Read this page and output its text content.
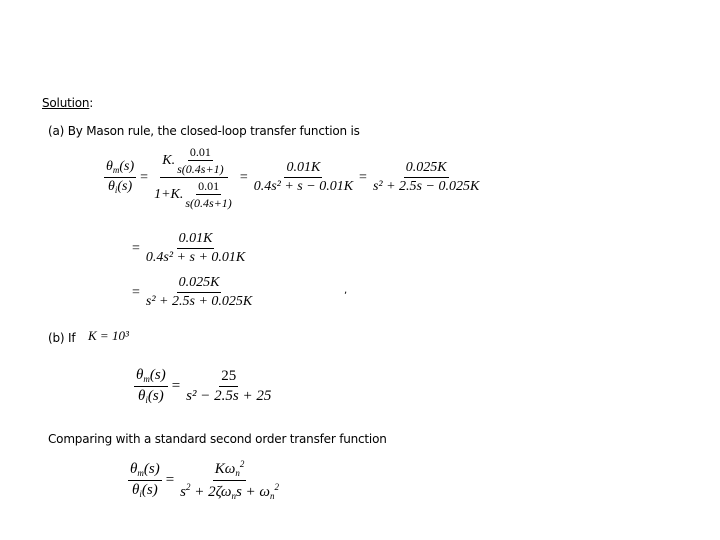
Solution:
(a) By Mason rule, the closed-loop transfer function is
$\frac{\theta_m(s)}{\theta_i(s)} = \frac{K. \frac{0.01}{s(0.4s+1)}}{1+K. \frac{0.01}{s(0.4s+1)}} = \frac{0.01K}{\text{0.4s² + s − 0.01K}} = \frac{0.025K}{\text{s² + 2.5s − 0.025K}}$
= $\frac{0.01K}{\text{0.4s² + s + 0.01K}}$
,
= $\frac{0.025K}{\text{s² + 2.5s + 0.025K}}$
(b) If K = 10³
$\frac{\theta_m(s)}{\theta_i(s)} = \frac{25}{\text{s² − 2.5s + 25}}$
Comparing with a standard second order transfer function
$\frac{\theta_m(s)}{\theta_i(s)} = \frac{K\omega_n^2}{s^2 + 2\zeta\omega_ns + \omega_n^2}$
